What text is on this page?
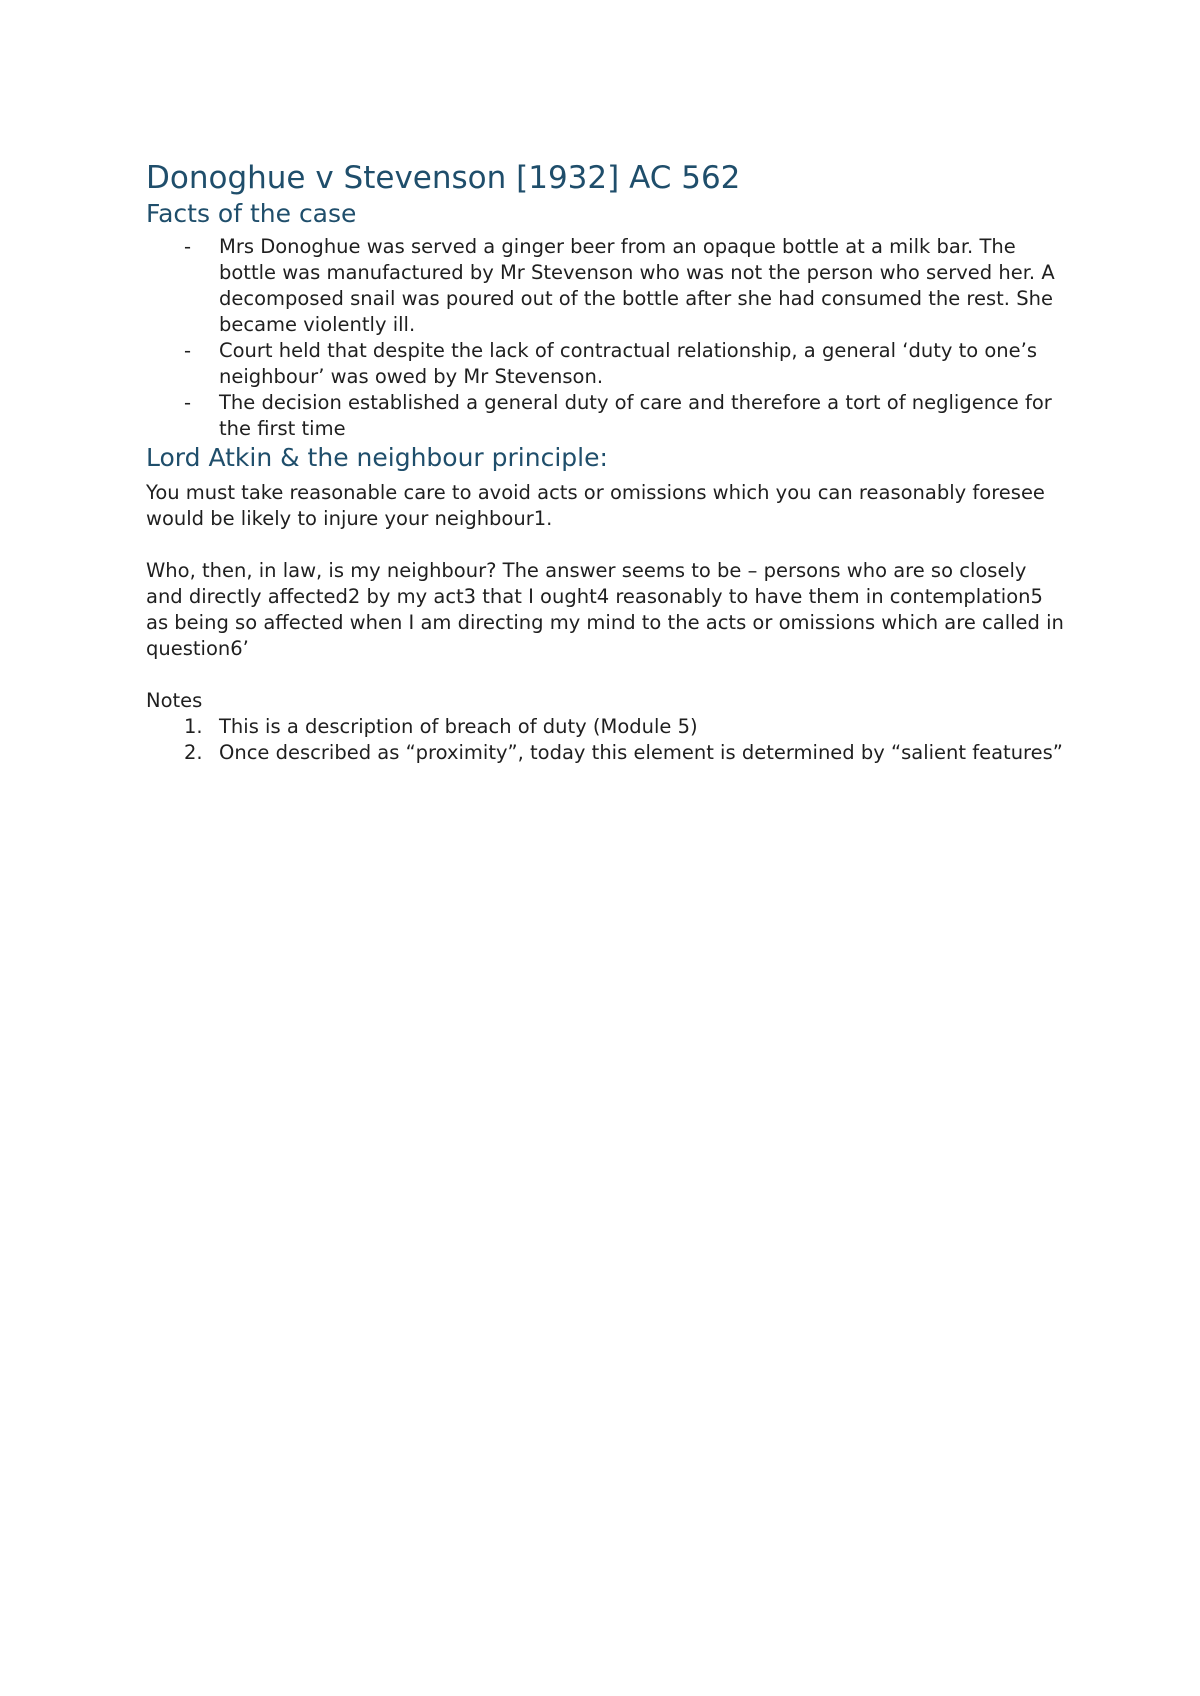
Donoghue v Stevenson [1932] AC 562
Facts of the case
- Mrs Donoghue was served a ginger beer from an opaque bottle at a milk bar. The bottle was manufactured by Mr Stevenson who was not the person who served her. A decomposed snail was poured out of the bottle after she had consumed the rest. She became violently ill.
- Court held that despite the lack of contractual relationship, a general ‘duty to one’s neighbour’ was owed by Mr Stevenson.
- The decision established a general duty of care and therefore a tort of negligence for the first time
Lord Atkin & the neighbour principle:

You must take reasonable care to avoid acts or omissions which you can reasonably foresee would be likely to injure your neighbour1.

Who, then, in law, is my neighbour? The answer seems to be – persons who are so closely and directly affected2 by my act3 that I ought4 reasonably to have them in contemplation5 as being so affected when I am directing my mind to the acts or omissions which are called in question6’

Notes

1. This is a description of breach of duty (Module 5)
2. Once described as “proximity”, today this element is determined by “salient features”
